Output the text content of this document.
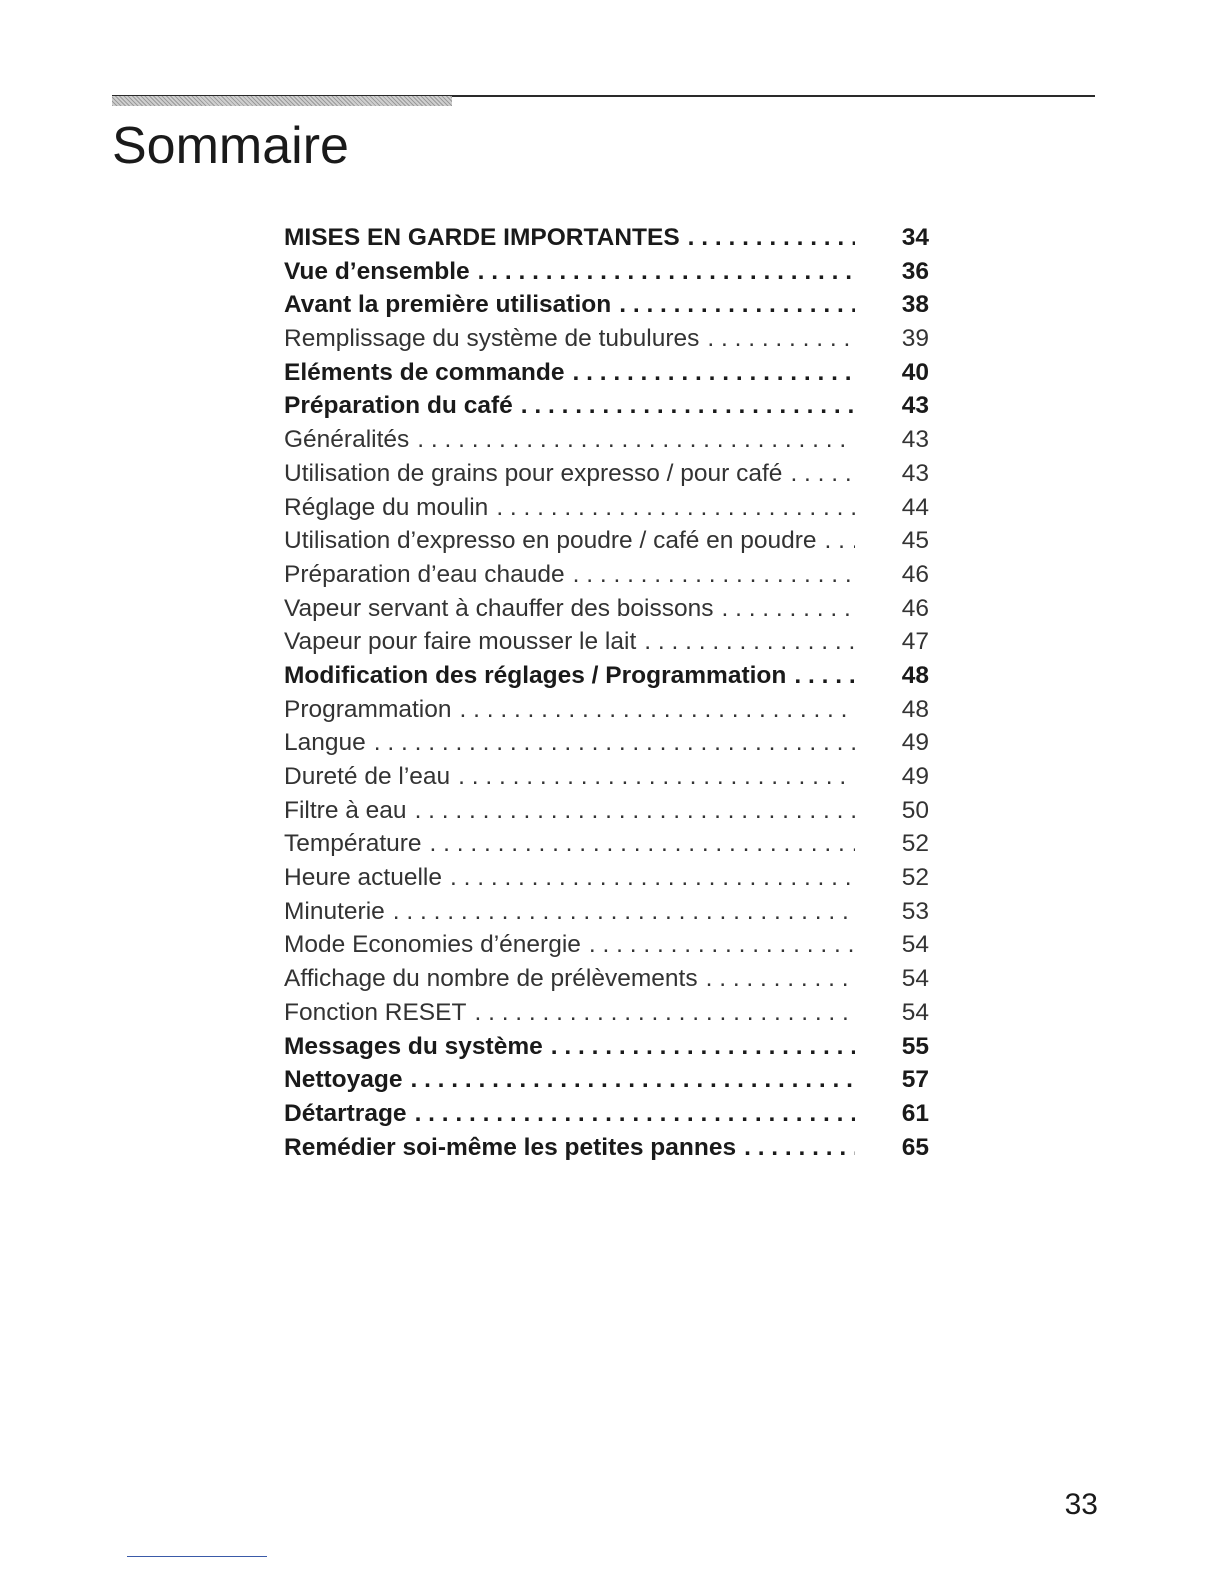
Sommaire
MISES EN GARDE IMPORTANTES . . .	34
Vue d’ensemble . . .	36
Avant la première utilisation . . .	38
Remplissage du système de tubulures . . .	39
Eléments de commande . . .	40
Préparation du café . . .	43
Généralités . . .	43
Utilisation de grains pour expresso / pour café . . .	43
Réglage du moulin . . .	44
Utilisation d’expresso en poudre / café en poudre . . .	45
Préparation d’eau chaude . . .	46
Vapeur servant à chauffer des boissons . . .	46
Vapeur pour faire mousser le lait . . .	47
Modification des réglages / Programmation . . .	48
Programmation . . .	48
Langue . . .	49
Dureté de l’eau . . .	49
Filtre à eau . . .	50
Température . . .	52
Heure actuelle . . .	52
Minuterie . . .	53
Mode Economies d’énergie . . .	54
Affichage du nombre de prélèvements . . .	54
Fonction RESET . . .	54
Messages du système . . .	55
Nettoyage . . .	57
Détartrage . . .	61
Remédier soi-même les petites pannes . . .	65
33
